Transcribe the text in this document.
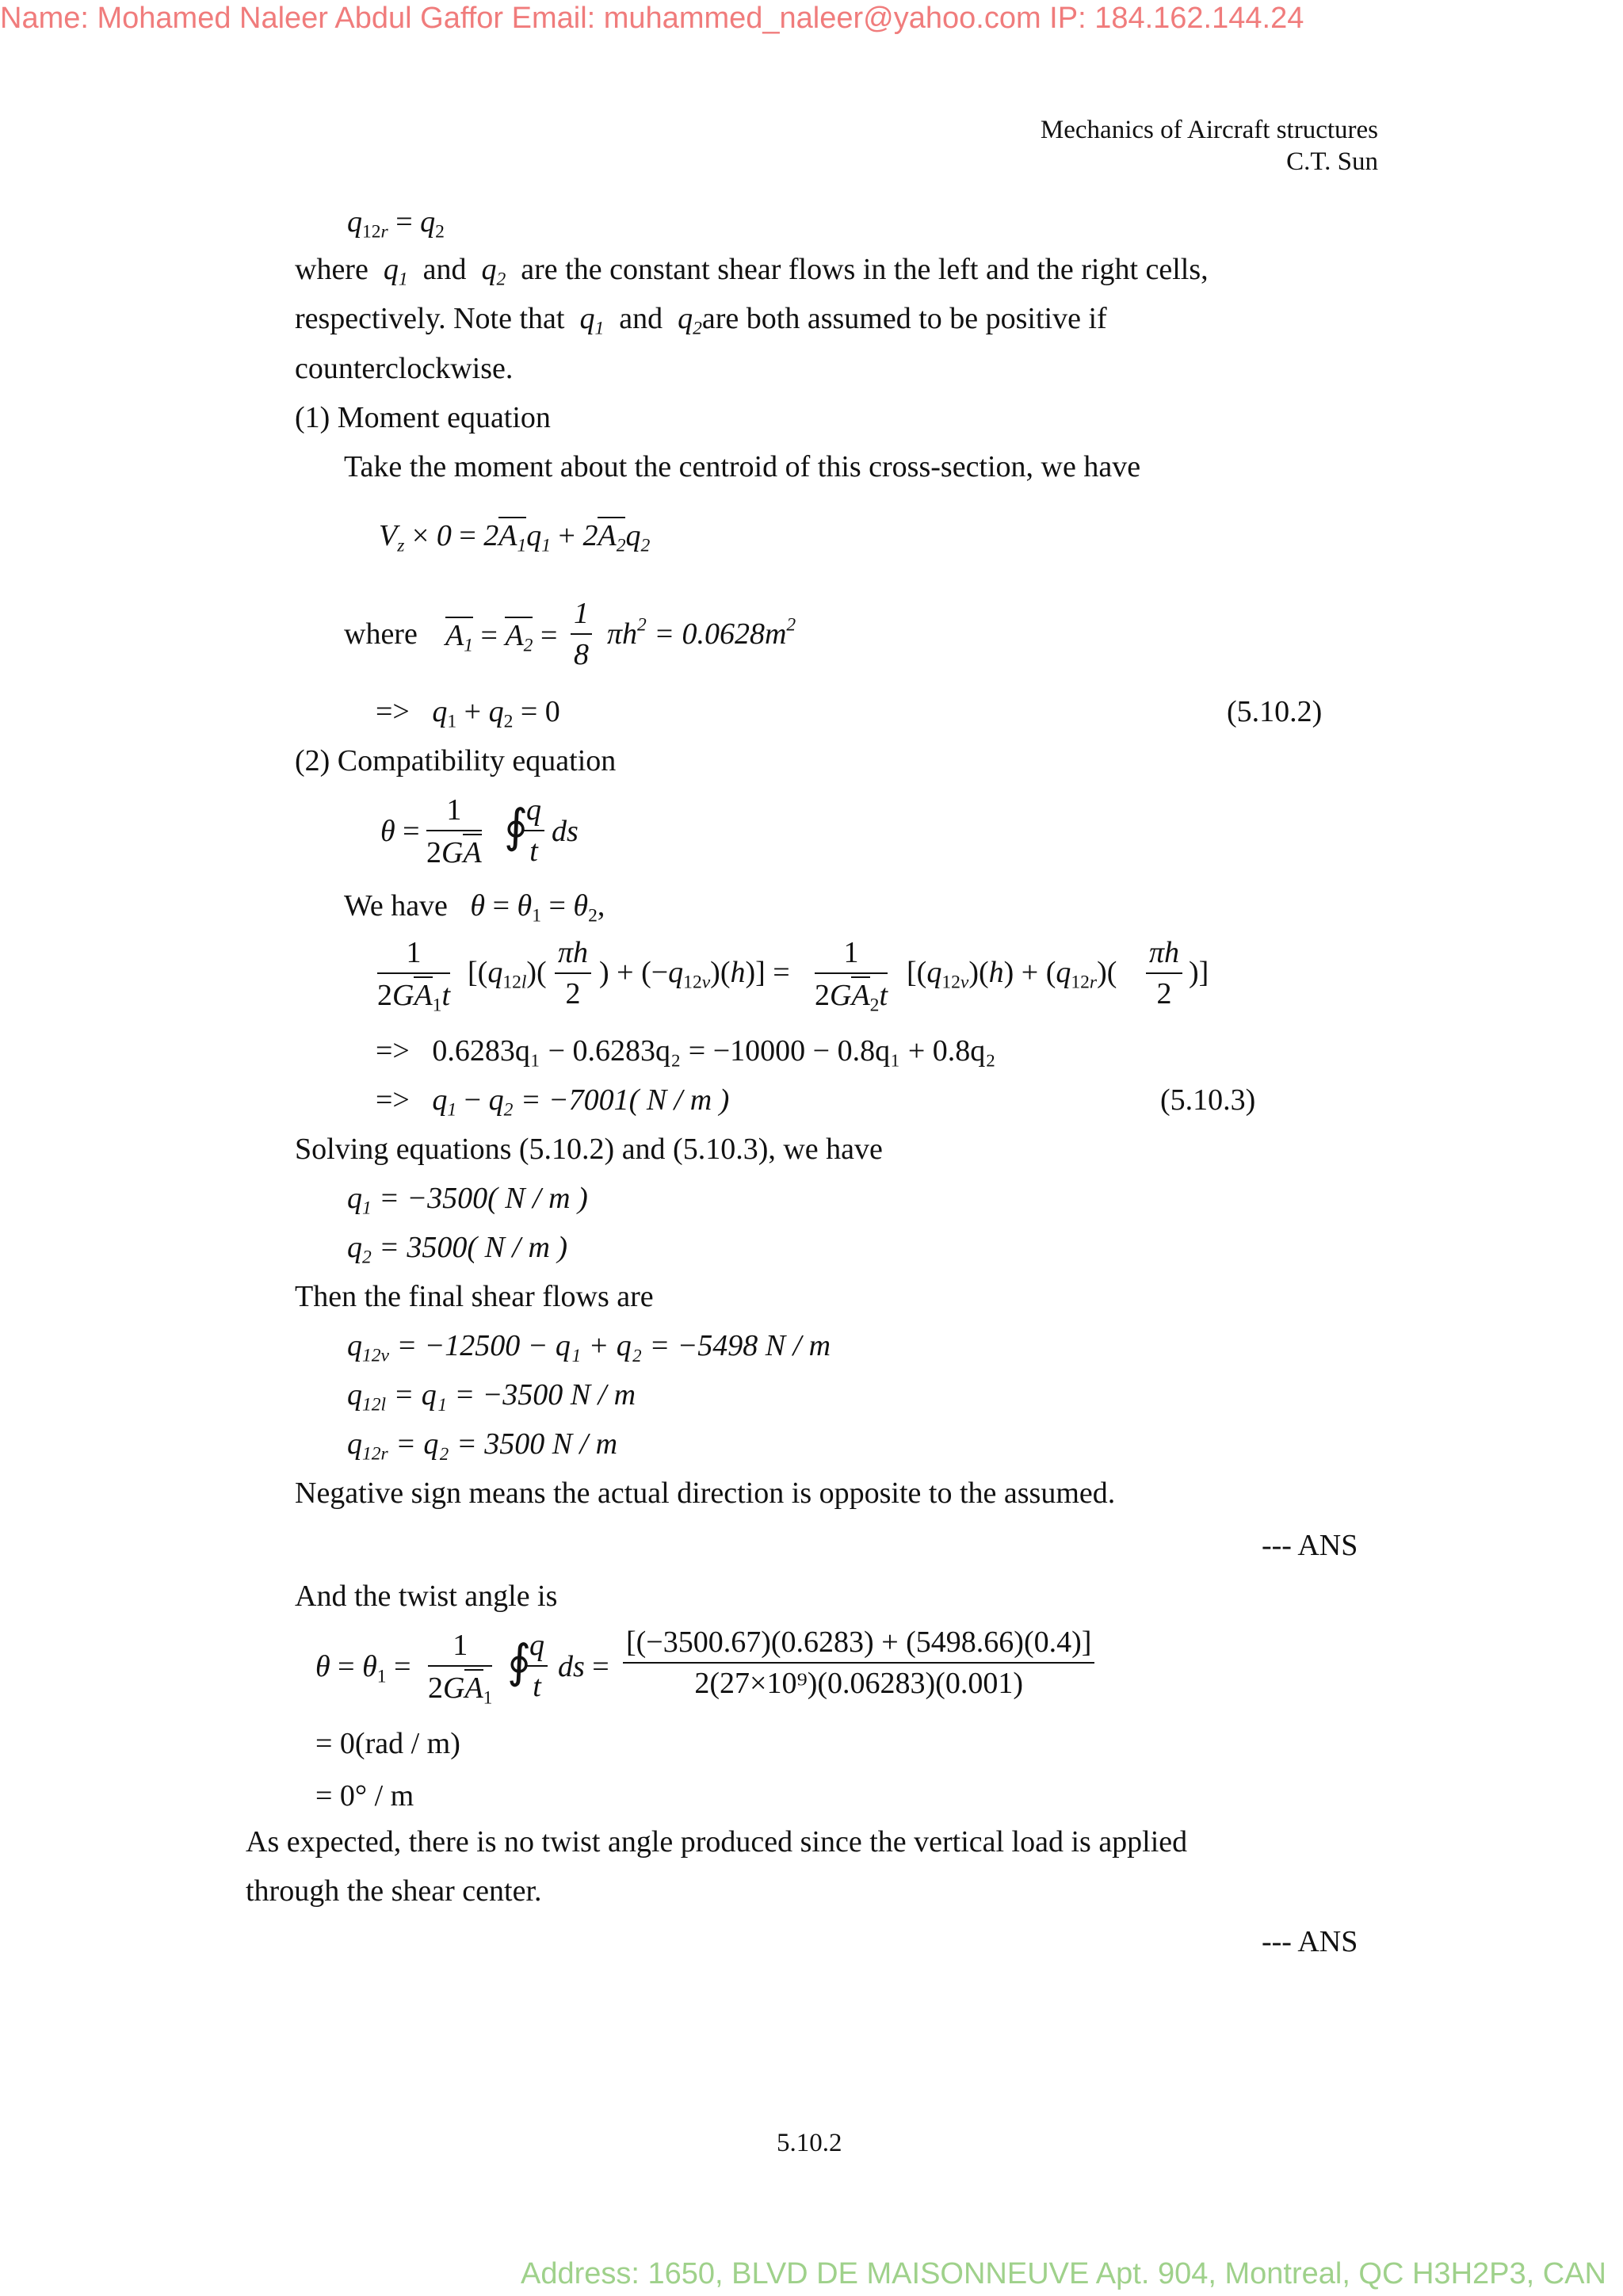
Name: Mohamed Naleer Abdul Gaffor Email: muhammed_naleer@yahoo.com IP: 184.162.144.24
Address: 1650, BLVD DE MAISONNEUVE Apt. 904, Montreal, QC H3H2P3, CAN
Mechanics of Aircraft structures
C.T. Sun
$q_{12r} = q_2$
where $q_1$ and $q_2$ are the constant shear flows in the left and the right cells,
respectively. Note that $q_1$ and $q_2are$ both assumed to be positive if
counterclockwise.
(1) Moment equation
Take the moment about the centroid of this cross-section, we have
$V_z \times 0 = 2A_1q_1 + 2A_2q_2$
where $A_1 = A_2 = \frac{1}{8} \pi h^2 = 0.0628m^2$
=> $q_1 + q_2 = 0$	(5.10.2)
(2) Compatibility equation
$\theta = \frac{1}{2GA}$ ∮
$\frac{q}{t}$ ds
We have $\theta = \theta_1 = \theta_2$,
$\frac{1}{2GA_1t} [(q_{12l})( \frac{\pi h}{2}$ ) + $(-q_{12v})(h)] = \frac{1}{2GA_2t} [(q_{12v})(h) + (q_{12r})( \frac{\pi h}{2}$ )]
=> 0.6283q₁ − 0.6283q₂ = −10000 − 0.8q₁ + 0.8q₂
=> $q_1 - q_2 = -7001$( N / m )	(5.10.3)
Solving equations (5.10.2) and (5.10.3), we have
$q_1 = -3500$( N / m )
$q_2 = 3500$( N / m )
Then the final shear flows are
$q_{12v} = -12500 - q_1 + q_2 = -5498$ N / m
$q_{12l} = q_1 = -3500$ N / m
$q_{12r} = q_2 = 3500$ N / m
Negative sign means the actual direction is opposite to the assumed.
--- ANS
And the twist angle is
$\theta = \theta_1 = \frac{1}{2GA_1}$ ∮
$\frac{q}{t}$ ds = $\frac{[(-3500.67)(0.6283) + (5498.66)(0.4)]}{\text{2(27×10⁹)(0.06283)(0.001)}}$
= 0(rad / m)
= 0° / m
As expected, there is no twist angle produced since the vertical load is applied
through the shear center.
--- ANS
5.10.2
